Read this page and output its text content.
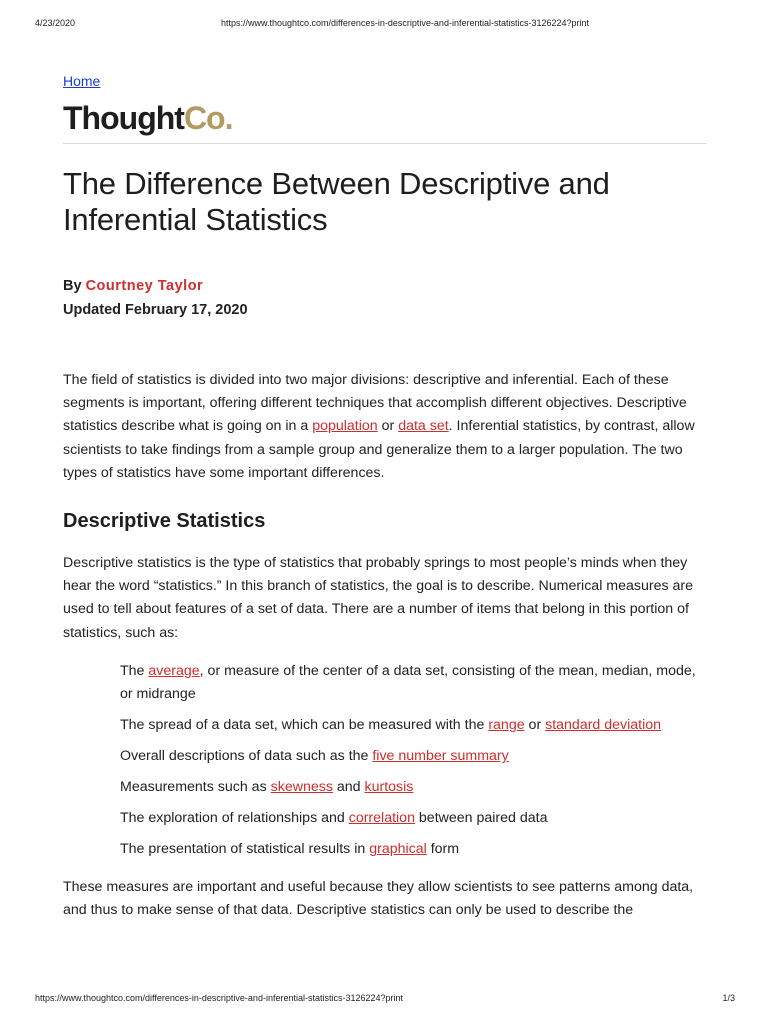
4/23/2020	https://www.thoughtco.com/differences-in-descriptive-and-inferential-statistics-3126224?print
Home
ThoughtCo.
The Difference Between Descriptive and Inferential Statistics
By Courtney Taylor
Updated February 17, 2020

The field of statistics is divided into two major divisions: descriptive and inferential. Each of these segments is important, offering different techniques that accomplish different objectives. Descriptive statistics describe what is going on in a population or data set. Inferential statistics, by contrast, allow scientists to take findings from a sample group and generalize them to a larger population. The two types of statistics have some important differences.

Descriptive Statistics

Descriptive statistics is the type of statistics that probably springs to most people’s minds when they hear the word “statistics.” In this branch of statistics, the goal is to describe. Numerical measures are used to tell about features of a set of data. There are a number of items that belong in this portion of statistics, such as:

The average, or measure of the center of a data set, consisting of the mean, median, mode, or midrange
The spread of a data set, which can be measured with the range or standard deviation
Overall descriptions of data such as the five number summary
Measurements such as skewness and kurtosis
The exploration of relationships and correlation between paired data
The presentation of statistical results in graphical form

These measures are important and useful because they allow scientists to see patterns among data, and thus to make sense of that data. Descriptive statistics can only be used to describe the

https://www.thoughtco.com/differences-in-descriptive-and-inferential-statistics-3126224?print	1/3
